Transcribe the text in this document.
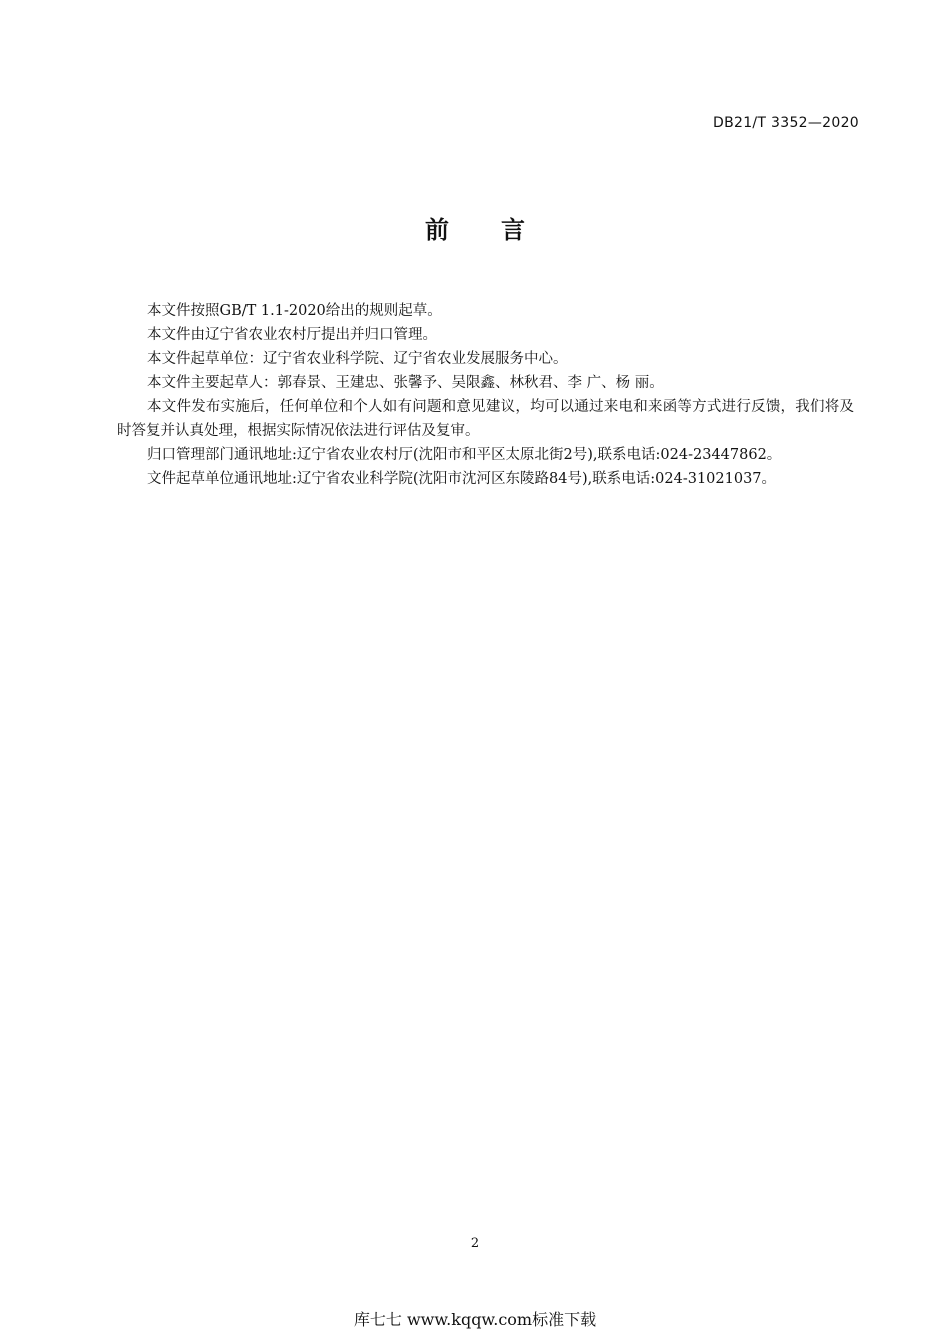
DB21/T 3352—2020
前 言

本文件按照GB/T 1.1-2020给出的规则起草。

本文件由辽宁省农业农村厅提出并归口管理。

本文件起草单位：辽宁省农业科学院、辽宁省农业发展服务中心。

本文件主要起草人：郭春景、王建忠、张馨予、吴限鑫、林秋君、李 广、杨 丽。

本文件发布实施后，任何单位和个人如有问题和意见建议，均可以通过来电和来函等方式进行反馈，我们将及时答复并认真处理，根据实际情况依法进行评估及复审。

归口管理部门通讯地址:辽宁省农业农村厅(沈阳市和平区太原北街2号),联系电话:024-23447862。

文件起草单位通讯地址:辽宁省农业科学院(沈阳市沈河区东陵路84号),联系电话:024-31021037。

2
库七七 www.kqqw.com标准下载
